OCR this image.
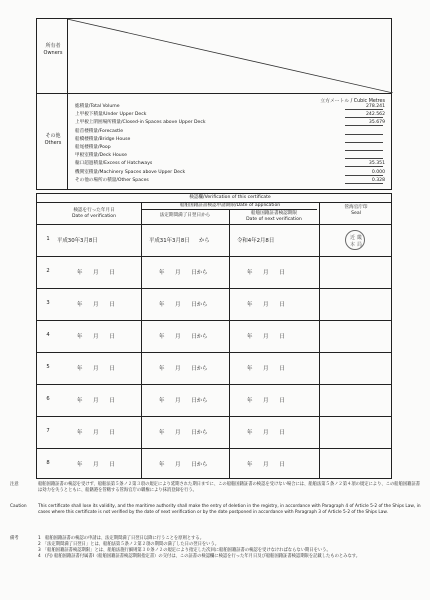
所有者
Owners
その他
Others
立方メートル / Cubic Metres
総積量/Total Volume	278.241
上甲板下積量/Under Upper Deck	242.562
上甲板上閉囲場所積量/Closed-in Spaces above Upper Deck	35.679
船首楼積量/Forecastle
船橋楼積量/Bridge House
船尾楼積量/Poop
甲板室積量/Deck House
艙口超過積量/Excess of Hatchways	35.351
機関室積量/Machinery Spaces above Upper Deck	0.000
その他の場所の積量/Other Spaces	0.328
検認欄/Verification of this certificate
船舶国籍証書検認申請期限/Date of application
検認を行った年月日
Date of verification	法定期間満了日翌日から	船舶国籍証書検認期限
Date of next verification
管海官庁印
Seal
1	平成30年3月8日	平成31年3月8日 から	令和4年2月8日	近 畿
本 局
2	年　　月　　日	年　　月　　日から	年　　月　　日
3	年　　月　　日	年　　月　　日から	年　　月　　日
4	年　　月　　日	年　　月　　日から	年　　月　　日
5	年　　月　　日	年　　月　　日から	年　　月　　日
6	年　　月　　日	年　　月　　日から	年　　月　　日
7	年　　月　　日	年　　月　　日から	年　　月　　日
8	年　　月　　日	年　　月　　日から	年　　月　　日
注意	船舶国籍証書の検認を受けず、船舶法第５条ノ２第３項の規定により延期された期日までに、この船舶国籍証書の検認を受けない場合には、船舶法第５条ノ２第４項の規定により、この船舶国籍証書は効力を失うとともに、船籍港を管轄する管海官庁の職権により抹消登録を行う。
Caution	This certificate shall lose its validity, and the maritime authority shall make the entry of deletion in the registry, in accordance with Paragraph 4 of Article 5-2 of the Ships Law, in cases where this certificate is not verified by the date of next verification or by the date postponed in accordance with Paragraph 3 of Article 5-2 of the Ships Law.
備考	1　船舶国籍証書の検認の申請は、法定期間満了日翌日以降に行うことを原則とする。
2　「法定期間満了日翌日」とは、船舶法第５条ノ２第２項の期間の満了した日の翌日をいう。
3　「船舶国籍証書検認期限」とは、船舶法施行細則第３０条ノ２の規定により指定した次回に船舶国籍証書の検認を受けなければならない期日をいう。
4　(内) 船舶国籍証書付属書Ⅰ（船舶国籍証書検認期限指定書）の交付は、この証書の検認欄に検認を行った年月日及び船舶国籍証書検認期限を記載したものとみなす。
